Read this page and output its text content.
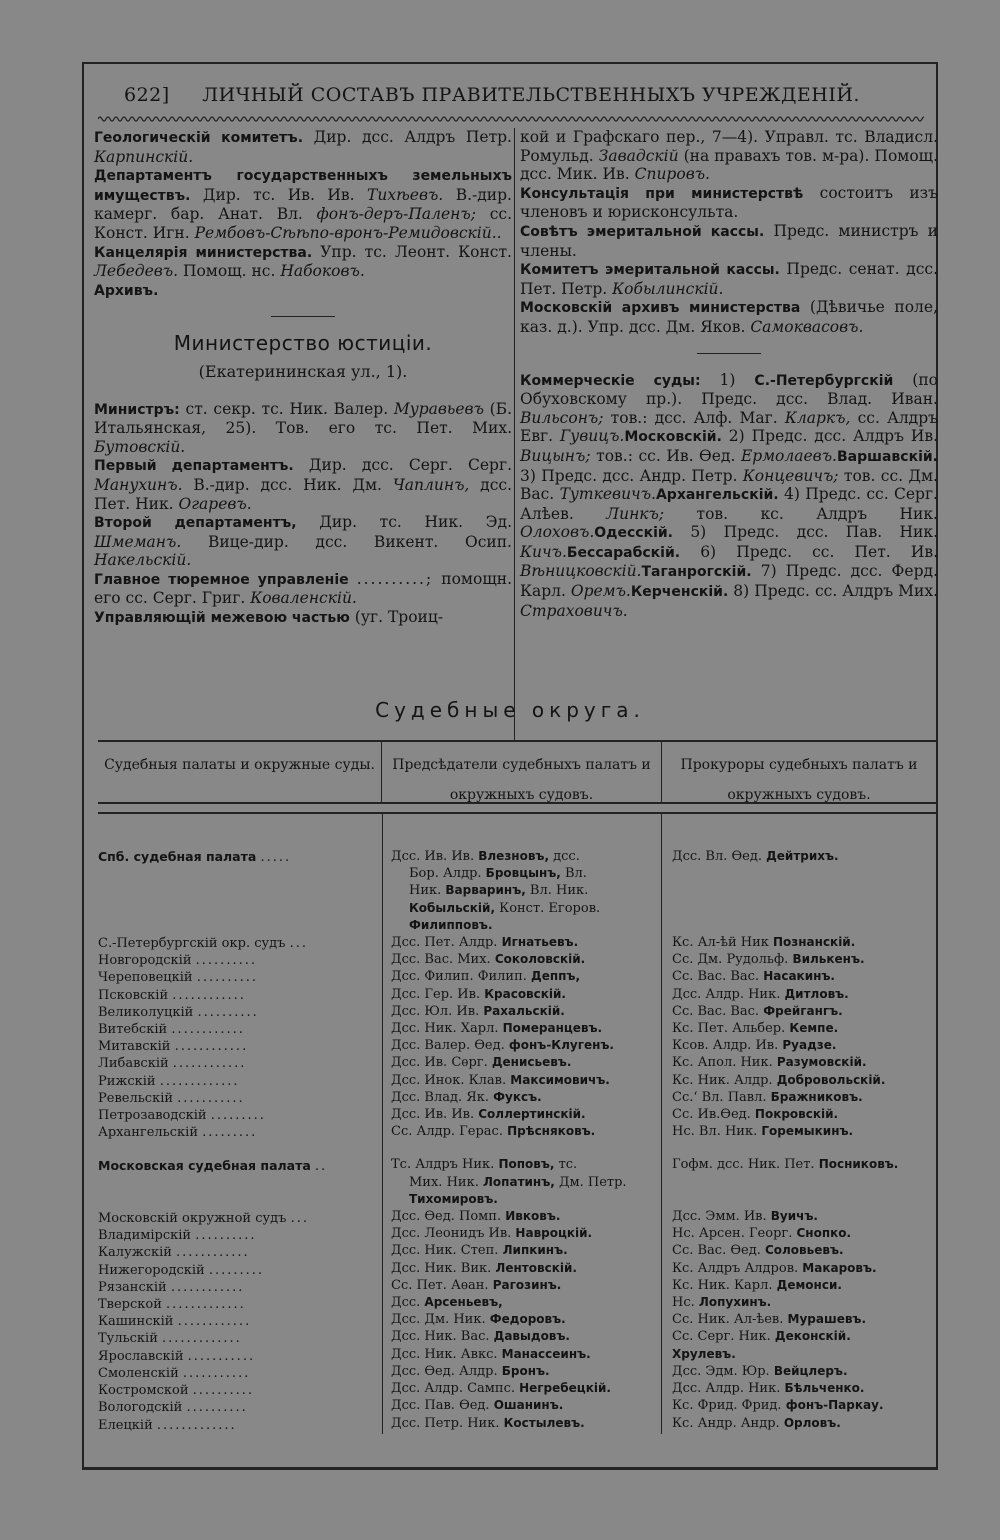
622] ЛИЧНЫЙ СОСТАВЪ ПРАВИТЕЛЬСТВЕННЫХЪ УЧРЕЖДЕНІЙ.

Геологическій комитетъ. Дир. дсс. Алдръ Петр. Карпинскій.

Департаментъ государственныхъ земельныхъ имуществъ. Дир. тс. Ив. Ив. Тихѣевъ. В.-дир. камерг. бар. Анат. Вл. фонъ-деръ-Паленъ; сс. Конст. Игн. Рембовъ-Сѣѣпо-вронъ-Ремидовскій..

Канцелярія министерства. Упр. тс. Леонт. Конст. Лебедевъ. Помощ. нс. Набоковъ.

Архивъ.

Министерство юстиціи.

(Екатерининская ул., 1).

Министръ: ст. секр. тс. Ник. Валер. Муравьевъ (Б. Итальянская, 25). Тов. его тс. Пет. Мих. Бутовскій.

Первый департаментъ. Дир. дсс. Серг. Серг. Манухинъ. В.-дир. дсс. Ник. Дм. Чаплинъ, дсс. Пет. Ник. Огаревъ.

Второй департаментъ, Дир. тс. Ник. Эд. Шмеманъ. Вице-дир. дсс. Викент. Осип. Накельскій.

Главное тюремное управленіе ..........; помощн. его сс. Серг. Григ. Коваленскій.

Управляющій межевою частью (уг. Троиц-

кой и Графскаго пер., 7—4). Управл. тс. Владисл. Ромульд. Завадскій (на правахъ тов. м-ра). Помощ. дсс. Мик. Ив. Спировъ.

Консультація при министерствѣ состоитъ изъ членовъ и юрисконсульта.

Совѣтъ эмеритальной кассы. Предс. министръ и члены.

Комитетъ эмеритальной кассы. Предс. сенат. дсс. Пет. Петр. Кобылинскій.

Московскій архивъ министерства (Дѣвичье поле, каз. д.). Упр. дсс. Дм. Яков. Самоквасовъ.

Коммерческіе суды: 1) С.-Петербургскій (по Обуховскому пр.). Предс. дсс. Влад. Иван. Вильсонъ; тов.: дсс. Алф. Маг. Кларкъ, сс. Алдръ Евг. Гувицъ.Московскій. 2) Предс. дсс. Алдръ Ив. Вицынъ; тов.: сс. Ив. Ѳед. Ермолаевъ.Варшавскій. 3) Предс. дсс. Андр. Петр. Концевичъ; тов. сс. Дм. Вас. Туткевичъ.Архангельскій. 4) Предс. сс. Серг. Алѣев. Линкъ; тов. кс. Алдръ Ник. Олоховъ.Одесскій. 5) Предс. дсс. Пав. Ник. Кичъ.Бессарабскій. 6) Предс. сс. Пет. Ив. Вѣницковскій.Таганрогскій. 7) Предс. дсс. Ферд. Карл. Оремъ.Керченскій. 8) Предс. сс. Алдръ Мих. Страховичъ.

Судебные округа.
Судебныя палаты и окружные суды.	Предсѣдатели судебныхъ палатъ и окружныхъ судовъ.
Прокуроры судебныхъ палатъ и окружныхъ судовъ.

Спб. судебная палата .....

С.-Петербургскій окр. судъ ...

Новгородскій ..........

Череповецкій ..........

Псковскій ............

Великолуцкій ..........

Витебскій ............

Митавскій ............

Либавскій ............

Рижскій .............

Ревельскій ...........

Петрозаводскій .........

Архангельскій .........

Московская судебная палата ..

Московскій окружной судъ ...

Владимірскій ..........

Калужскій ............

Нижегородскій .........

Рязанскій ............

Тверской .............

Кашинскій ............

Тульскій .............

Ярославскій ...........

Смоленскій ...........

Костромской ..........

Вологодскій ..........

Елецкій .............

Дсс. Ив. Ив. Влезновъ, дсс.

Бор. Алдр. Бровцынъ, Вл.

Ник. Варваринъ, Вл. Ник.

Кобыльскій, Конст. Егоров.

Филипповъ.

Дсс. Пет. Алдр. Игнатьевъ.

Дсс. Вас. Мих. Соколовскій.

Дсс. Филип. Филип. Деппъ,

Дсс. Гер. Ив. Красовскій.

Дсс. Юл. Ив. Рахальскій.

Дсс. Ник. Харл. Померанцевъ.

Дсс. Валер. Ѳед. фонъ-Клугенъ.

Дсс. Ив. Сѳрг. Денисьевъ.

Дсс. Инок. Клав. Максимовичъ.

Дсс. Влад. Як. Фуксъ.

Дсс. Ив. Ив. Соллертинскій.

Сс. Алдр. Герас. Прѣсняковъ.

Тс. Алдръ Ник. Поповъ, тс.

Мих. Ник. Лопатинъ, Дм. Петр.

Тихомировъ.

Дсс. Ѳед. Помп. Ивковъ.

Дсс. Леонидъ Ив. Навроцкій.

Дсс. Ник. Степ. Липкинъ.

Дсс. Ник. Вик. Лентовскій.

Сс. Пет. Аѳан. Рагозинъ.

Дсс. Арсеньевъ,

Дсс. Дм. Ник. Федоровъ.

Дсс. Ник. Вас. Давыдовъ.

Дсс. Ник. Авкс. Манассеинъ.

Дсс. Ѳед. Алдр. Бронъ.

Дсс. Алдр. Сампс. Негребецкій.

Дсс. Пав. Ѳед. Ошанинъ.

Дсс. Петр. Ник. Костылевъ.

Дсс. Вл. Ѳед. Дейтрихъ.

Кс. Ал-ѣй Ник Познанскій.

Сс. Дм. Рудольф. Вилькенъ.

Сс. Вас. Вас. Насакинъ.

Дсс. Алдр. Ник. Дитловъ.

Сс. Вас. Вас. Фрейгангъ.

Кс. Пет. Альбер. Кемпе.

Ксов. Алдр. Ив. Руадзе.

Кс. Апол. Ник. Разумовскій.

Кс. Ник. Алдр. Добровольскій.

Сс.‘ Вл. Павл. Бражниковъ.

Сс. Ив.Ѳед. Покровскій.

Нс. Вл. Ник. Горемыкинъ.

Гофм. дсс. Ник. Пет. Посниковъ.

Дсс. Эмм. Ив. Вуичъ.

Нс. Арсен. Георг. Снопко.

Сс. Вас. Ѳед. Соловьевъ.

Кс. Алдръ Алдров. Макаровъ.

Кс. Ник. Карл. Демонси.

Нс. Лопухинъ.

Сс. Ник. Ал-ѣев. Мурашевъ.

Сс. Серг. Ник. Деконскій.

Хрулевъ.

Дсс. Эдм. Юр. Вейцлеръ.

Дсс. Алдр. Ник. Бѣльченко.

Кс. Фрид. Фрид. фонъ-Паркау.

Кс. Андр. Андр. Орловъ.
